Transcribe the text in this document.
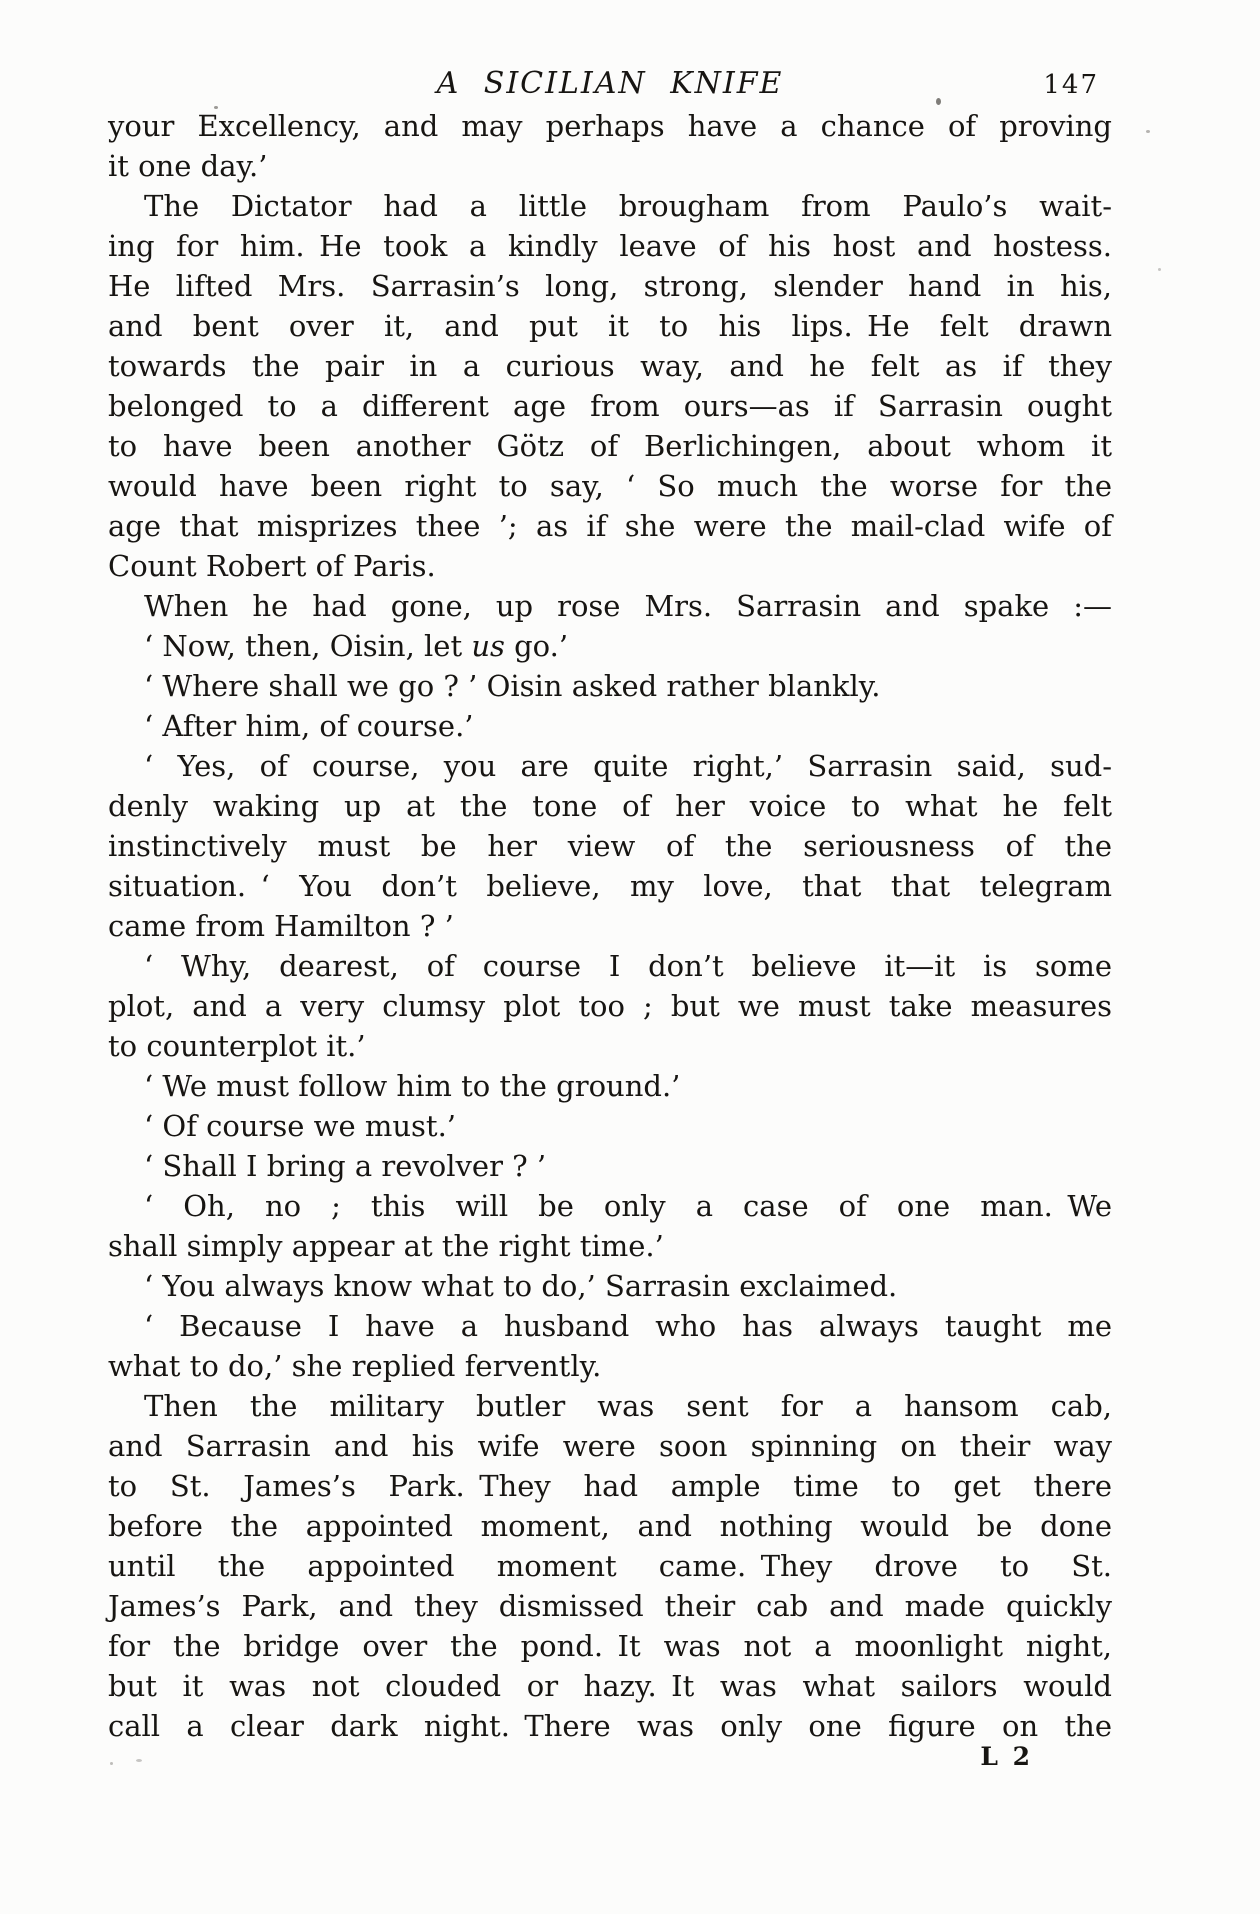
A SICILIAN KNIFE	147
your Excellency, and may perhaps have a chance of proving
it one day.’
The Dictator had a little brougham from Paulo’s wait-
ing for him. He took a kindly leave of his host and hostess.
He lifted Mrs. Sarrasin’s long, strong, slender hand in his,
and bent over it, and put it to his lips. He felt drawn
towards the pair in a curious way, and he felt as if they
belonged to a different age from ours—as if Sarrasin ought
to have been another Götz of Berlichingen, about whom it
would have been right to say, ‘ So much the worse for the
age that misprizes thee ’; as if she were the mail-clad wife of
Count Robert of Paris.
When he had gone, up rose Mrs. Sarrasin and spake :—
‘ Now, then, Oisin, let us go.’
‘ Where shall we go ? ’ Oisin asked rather blankly.
‘ After him, of course.’
‘ Yes, of course, you are quite right,’ Sarrasin said, sud-
denly waking up at the tone of her voice to what he felt
instinctively must be her view of the seriousness of the
situation. ‘ You don’t believe, my love, that that telegram
came from Hamilton ? ’
‘ Why, dearest, of course I don’t believe it—it is some
plot, and a very clumsy plot too ; but we must take measures
to counterplot it.’
‘ We must follow him to the ground.’
‘ Of course we must.’
‘ Shall I bring a revolver ? ’
‘ Oh, no ; this will be only a case of one man. We
shall simply appear at the right time.’
‘ You always know what to do,’ Sarrasin exclaimed.
‘ Because I have a husband who has always taught me
what to do,’ she replied fervently.
Then the military butler was sent for a hansom cab,
and Sarrasin and his wife were soon spinning on their way
to St. James’s Park. They had ample time to get there
before the appointed moment, and nothing would be done
until the appointed moment came. They drove to St.
James’s Park, and they dismissed their cab and made quickly
for the bridge over the pond. It was not a moonlight night,
but it was not clouded or hazy. It was what sailors would
call a clear dark night. There was only one figure on the
L 2
